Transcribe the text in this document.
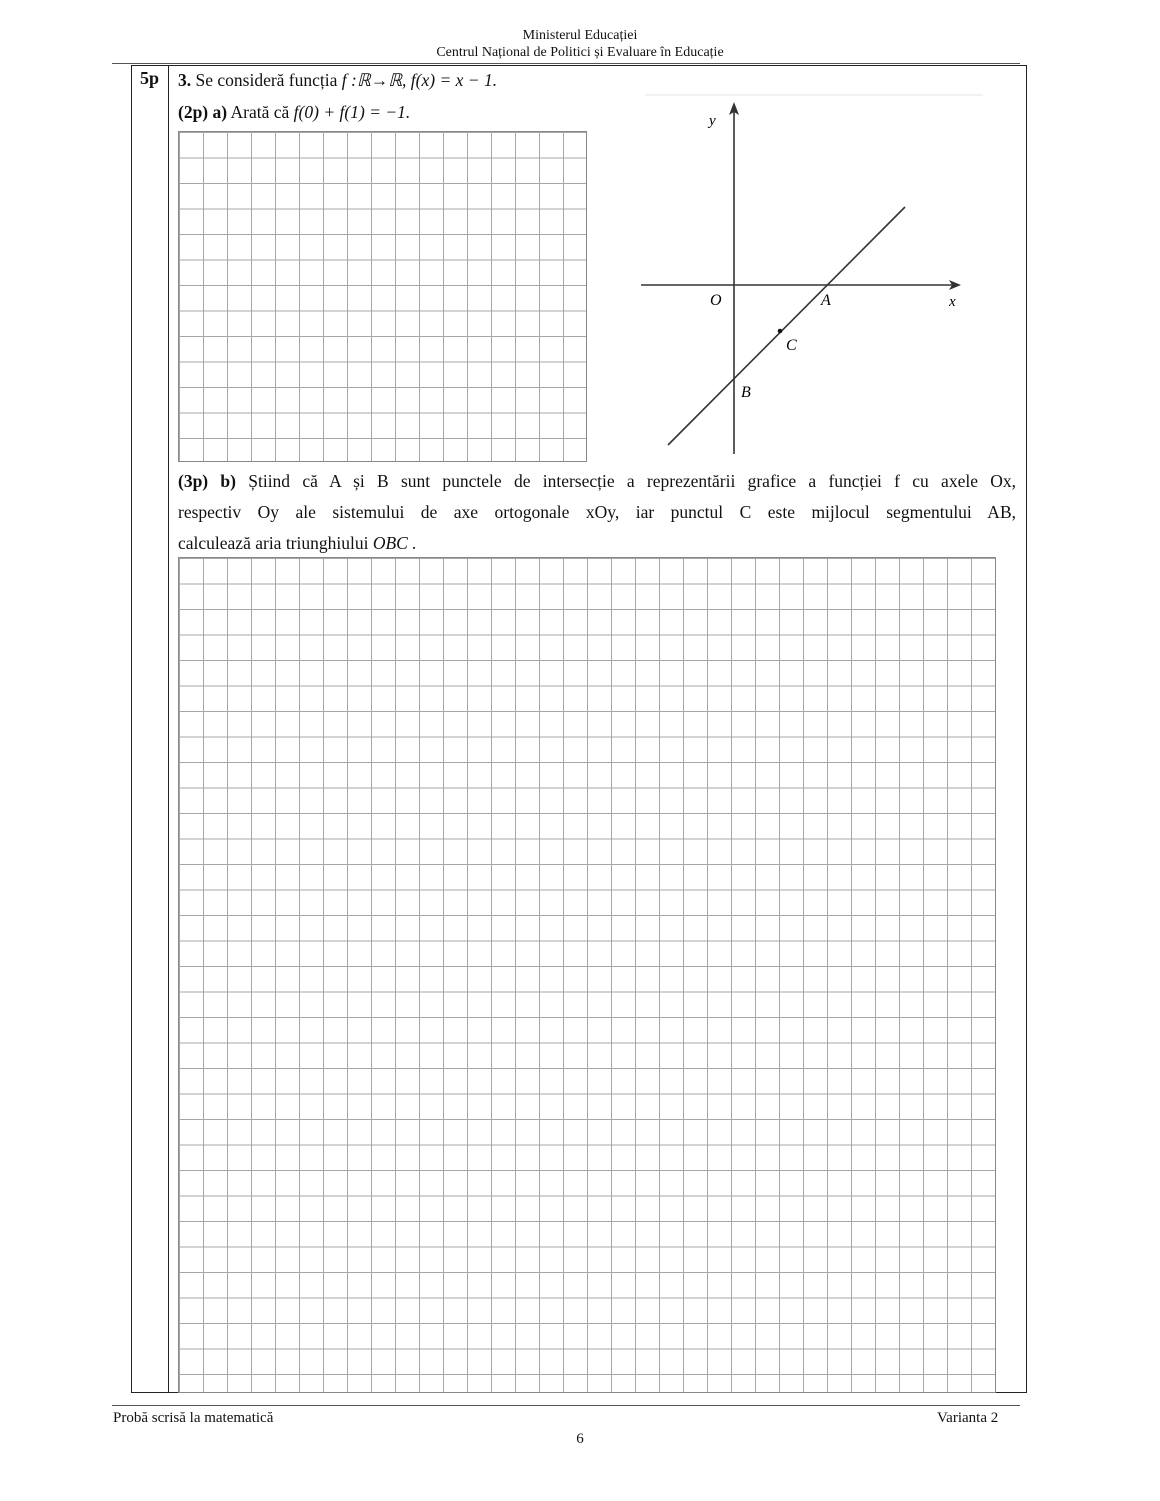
Ministerul Educației
Centrul Național de Politici și Evaluare în Educație
5p 3. Se consideră funcția f :ℝ→ℝ, f(x) = x − 1.
(2p) a) Arată că f(0) + f(1) = −1.	y
x
O	A
C
B
(3p) b) Știind că A și B sunt punctele de intersecție a reprezentării grafice a funcției f cu axele Ox,
respectiv Oy ale sistemului de axe ortogonale xOy, iar punctul C este mijlocul segmentului AB,
calculează aria triunghiului OBC .
Probă scrisă la matematică	Varianta 2
6
